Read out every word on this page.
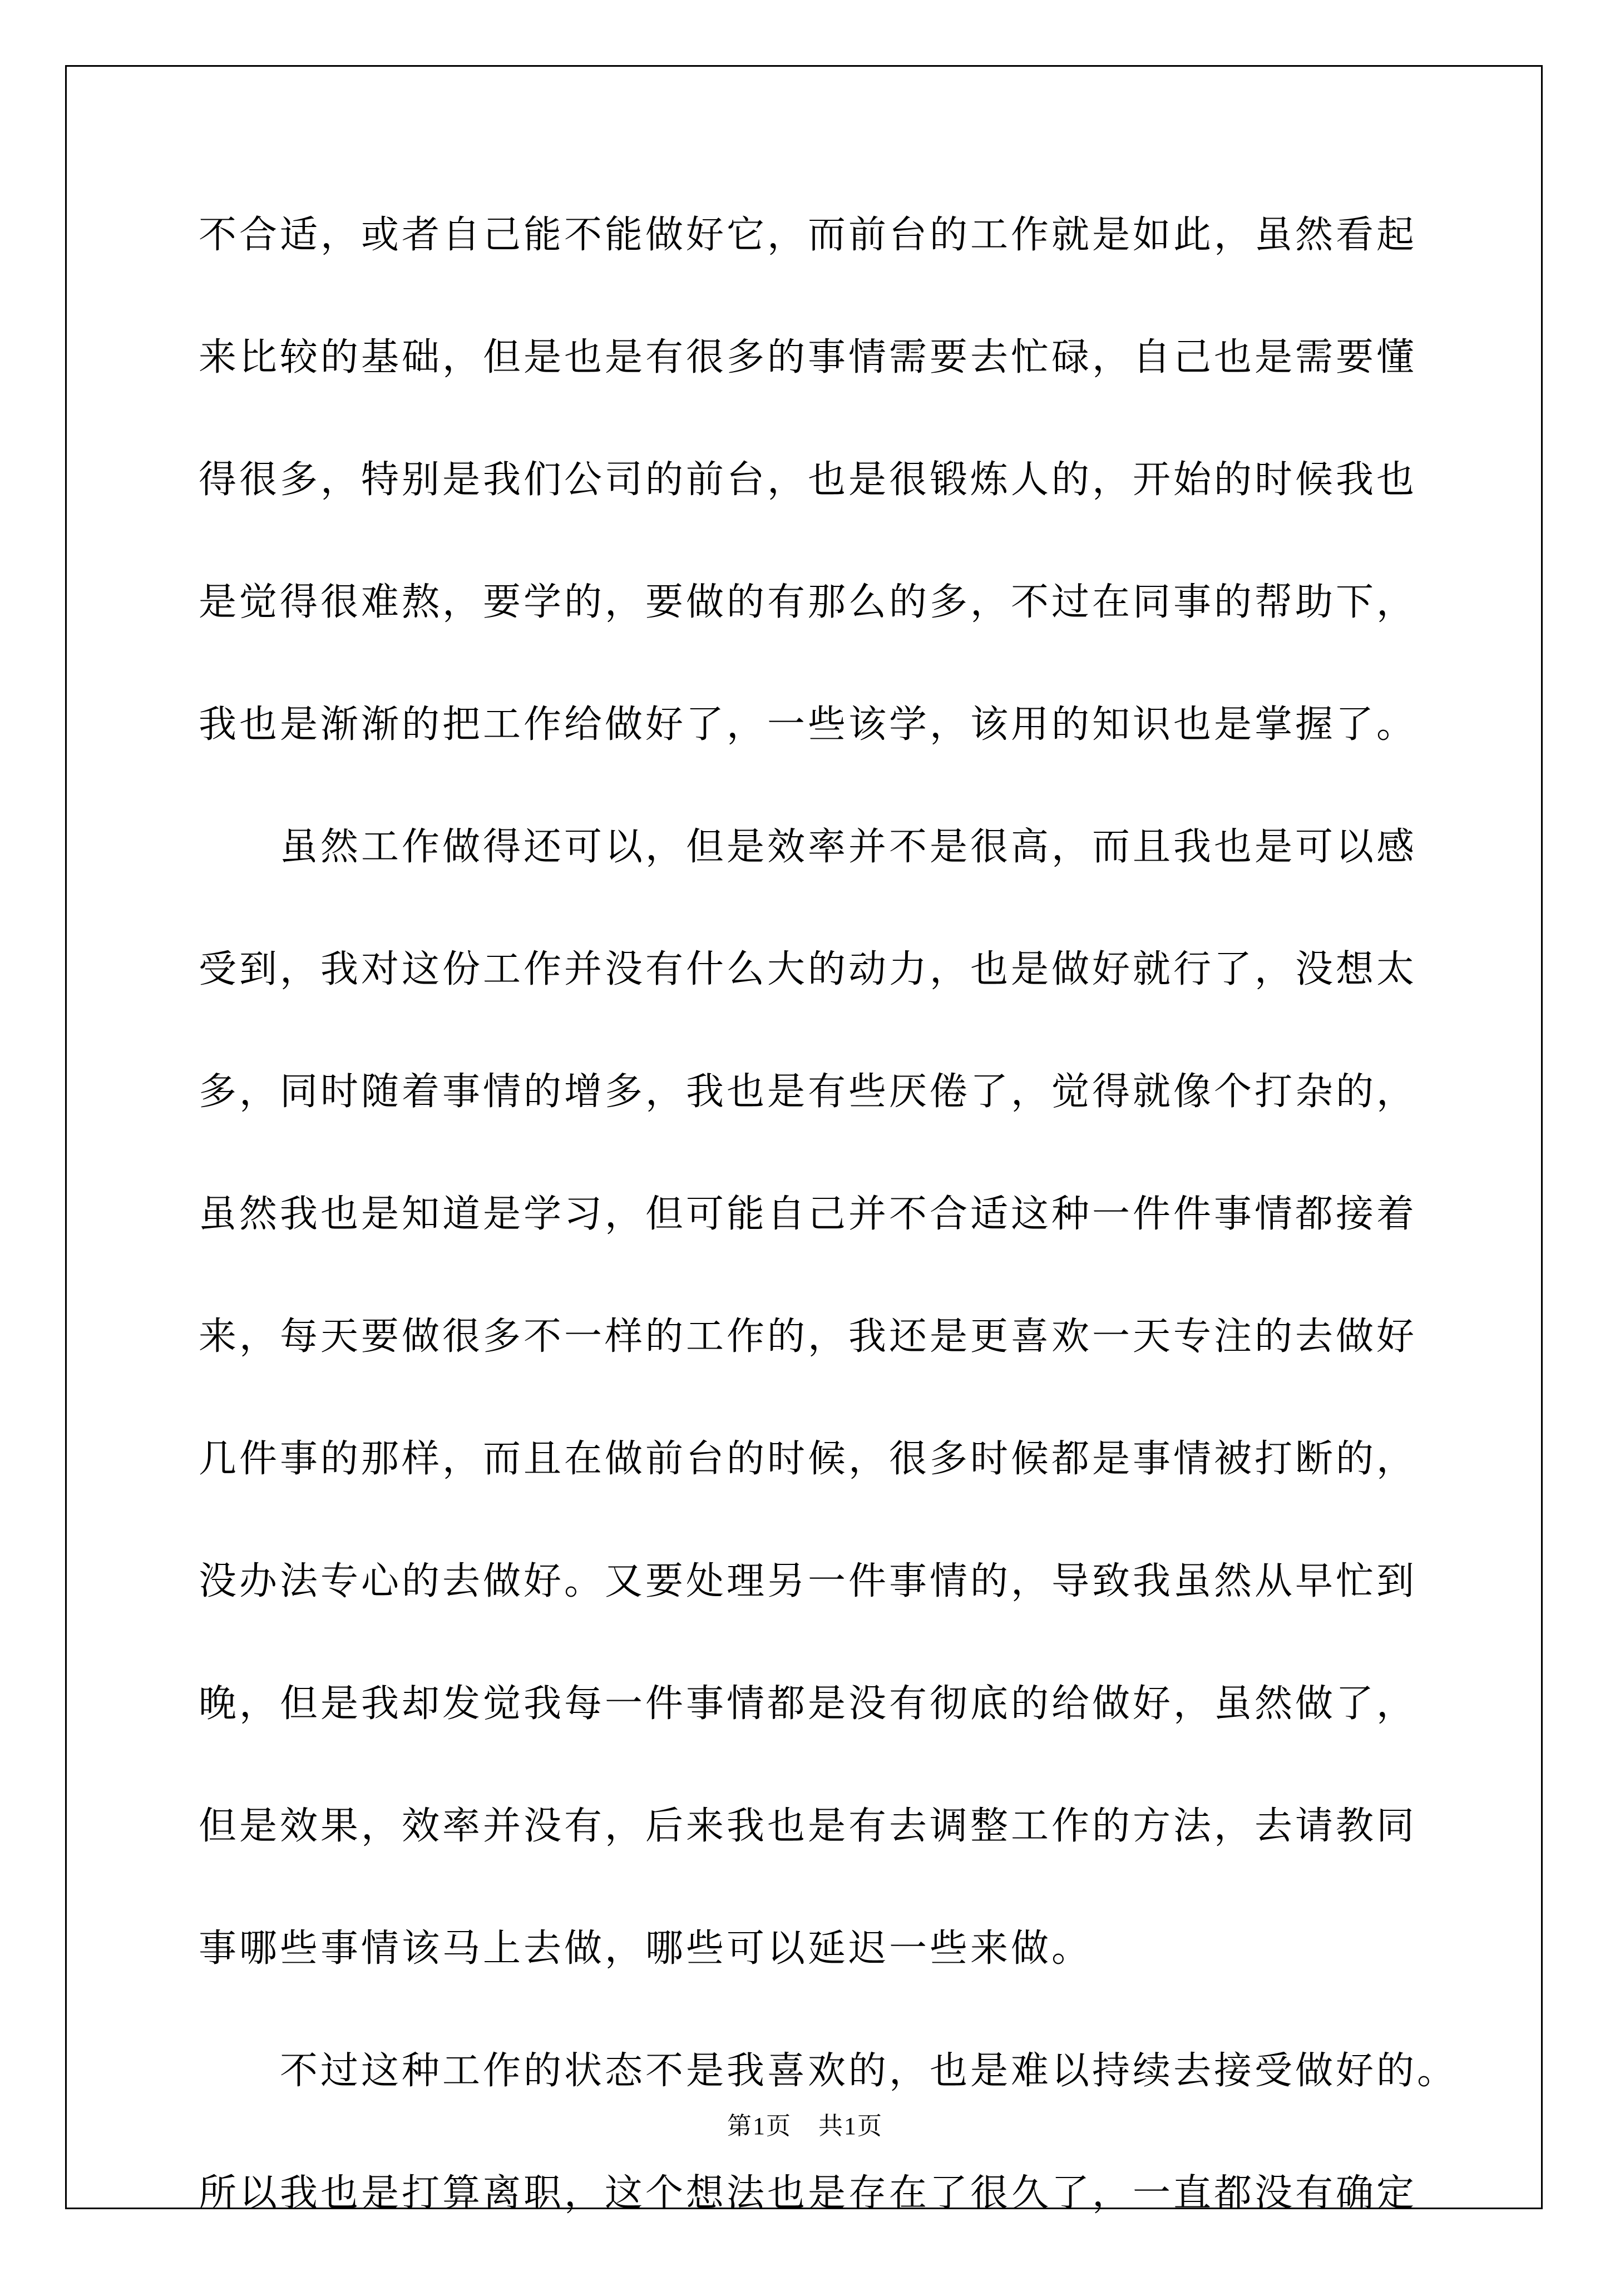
不合适，或者自己能不能做好它，而前台的工作就是如此，虽然看起
来比较的基础，但是也是有很多的事情需要去忙碌，自己也是需要懂
得很多，特别是我们公司的前台，也是很锻炼人的，开始的时候我也
是觉得很难熬，要学的，要做的有那么的多，不过在同事的帮助下，
我也是渐渐的把工作给做好了，一些该学，该用的知识也是掌握了。
　　虽然工作做得还可以，但是效率并不是很高，而且我也是可以感
受到，我对这份工作并没有什么大的动力，也是做好就行了，没想太
多，同时随着事情的增多，我也是有些厌倦了，觉得就像个打杂的，
虽然我也是知道是学习，但可能自己并不合适这种一件件事情都接着
来，每天要做很多不一样的工作的，我还是更喜欢一天专注的去做好
几件事的那样，而且在做前台的时候，很多时候都是事情被打断的，
没办法专心的去做好。又要处理另一件事情的，导致我虽然从早忙到
晚，但是我却发觉我每一件事情都是没有彻底的给做好，虽然做了，
但是效果，效率并没有，后来我也是有去调整工作的方法，去请教同
事哪些事情该马上去做，哪些可以延迟一些来做。
　　不过这种工作的状态不是我喜欢的，也是难以持续去接受做好的。
所以我也是打算离职，这个想法也是存在了很久了，一直都没有确定
第1页 共1页
